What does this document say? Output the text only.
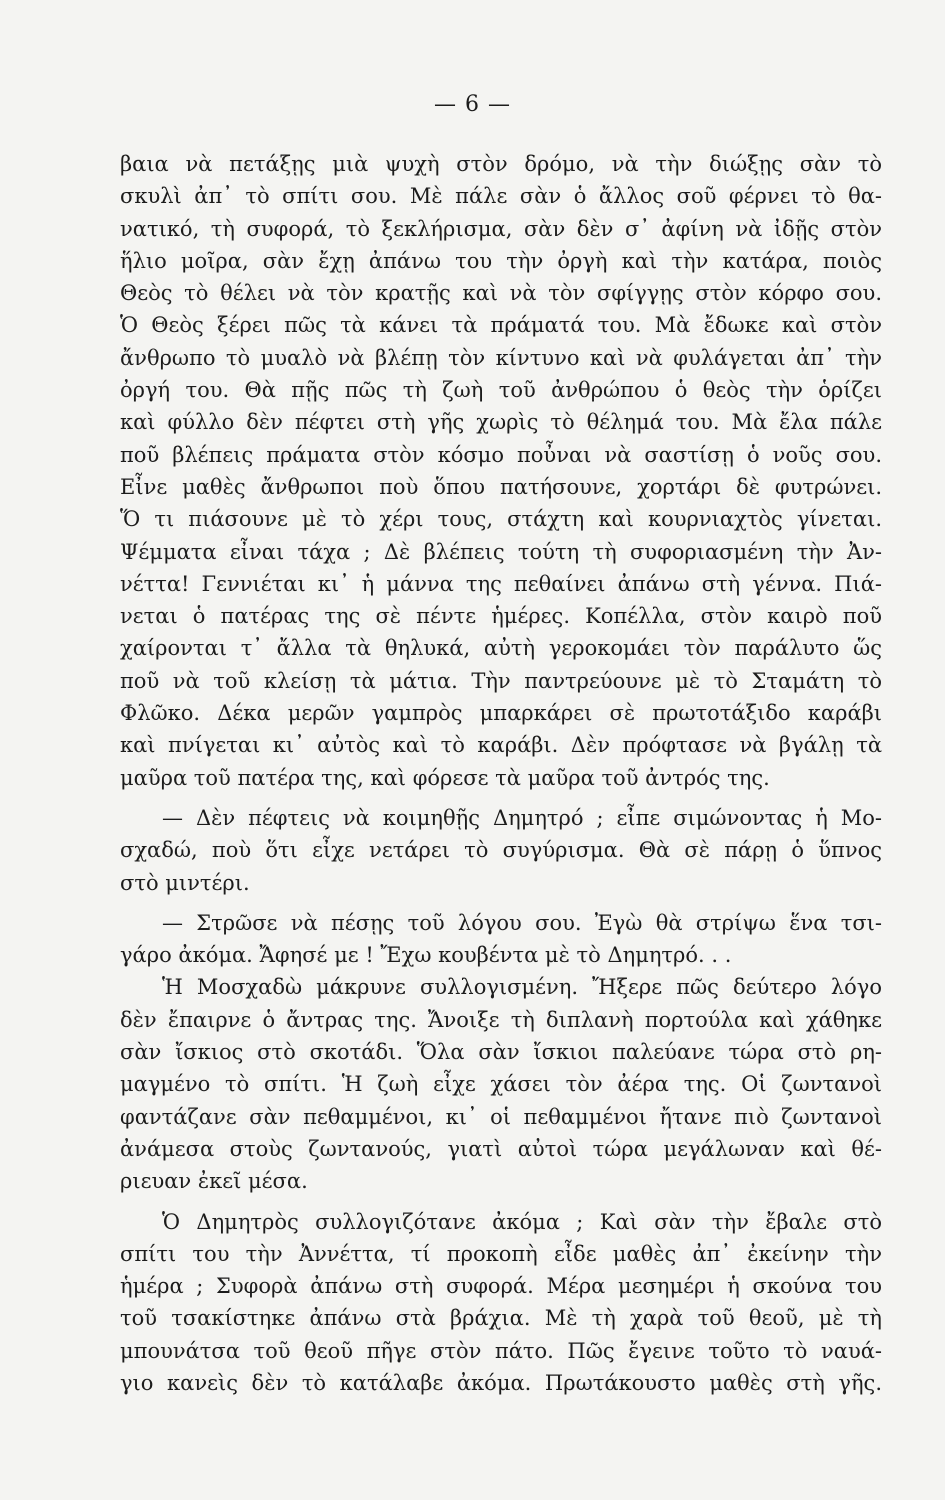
— 6 —
βαια νὰ πετάξῃς μιὰ ψυχὴ στὸν δρόμο, νὰ τὴν διώξῃς σὰν τὸ
σκυλὶ ἀπ᾽ τὸ σπίτι σου. Μὲ πάλε σὰν ὁ ἄλλος σοῦ φέρνει τὸ θα-
νατικό, τὴ συφορά, τὸ ξεκλήρισμα, σὰν δὲν σ᾽ ἀφίνη νὰ ἰδῇς στὸν
ἥλιο μοῖρα, σὰν ἔχῃ ἀπάνω του τὴν ὀργὴ καὶ τὴν κατάρα, ποιὸς
Θεὸς τὸ θέλει νὰ τὸν κρατῇς καὶ νὰ τὸν σφίγγῃς στὸν κόρφο σου.
Ὁ Θεὸς ξέρει πῶς τὰ κάνει τὰ πράματά του. Μὰ ἔδωκε καὶ στὸν
ἄνθρωπο τὸ μυαλὸ νὰ βλέπῃ τὸν κίντυνο καὶ νὰ φυλάγεται ἀπ᾽ τὴν
ὀργή του. Θὰ πῇς πῶς τὴ ζωὴ τοῦ ἀνθρώπου ὁ θεὸς τὴν ὁρίζει
καὶ φύλλο δὲν πέφτει στὴ γῆς χωρὶς τὸ θέλημά του. Μὰ ἔλα πάλε
ποῦ βλέπεις πράματα στὸν κόσμο ποὖναι νὰ σαστίσῃ ὁ νοῦς σου.
Εἶνε μαθὲς ἄνθρωποι ποὺ ὅπου πατήσουνε, χορτάρι δὲ φυτρώνει.
Ὅ τι πιάσουνε μὲ τὸ χέρι τους, στάχτη καὶ κουρνιαχτὸς γίνεται.
Ψέμματα εἶναι τάχα ; Δὲ βλέπεις τούτη τὴ συφοριασμένη τὴν Ἀν-
νέττα! Γεννιέται κι᾽ ἡ μάννα της πεθαίνει ἀπάνω στὴ γέννα. Πιά-
νεται ὁ πατέρας της σὲ πέντε ἡμέρες. Κοπέλλα, στὸν καιρὸ ποῦ
χαίρονται τ᾽ ἄλλα τὰ θηλυκά, αὐτὴ γεροκομάει τὸν παράλυτο ὥς
ποῦ νὰ τοῦ κλείσῃ τὰ μάτια. Τὴν παντρεύουνε μὲ τὸ Σταμάτη τὸ
Φλῶκο. Δέκα μερῶν γαμπρὸς μπαρκάρει σὲ πρωτοτάξιδο καράβι
καὶ πνίγεται κι᾽ αὐτὸς καὶ τὸ καράβι. Δὲν πρόφτασε νὰ βγάλῃ τὰ
μαῦρα τοῦ πατέρα της, καὶ φόρεσε τὰ μαῦρα τοῦ ἀντρός της.
— Δὲν πέφτεις νὰ κοιμηθῇς Δημητρό ; εἶπε σιμώνοντας ἡ Μο-
σχαδώ, ποὺ ὅτι εἶχε νετάρει τὸ συγύρισμα. Θὰ σὲ πάρῃ ὁ ὕπνος
στὸ μιντέρι.
— Στρῶσε νὰ πέσῃς τοῦ λόγου σου. Ἐγὼ θὰ στρίψω ἕνα τσι-
γάρο ἀκόμα. Ἄφησέ με ! Ἔχω κουβέντα μὲ τὸ Δημητρό. . .
Ἡ Μοσχαδὼ μάκρυνε συλλογισμένη. Ἤξερε πῶς δεύτερο λόγο
δὲν ἔπαιρνε ὁ ἄντρας της. Ἄνοιξε τὴ διπλανὴ πορτούλα καὶ χάθηκε
σὰν ἴσκιος στὸ σκοτάδι. Ὅλα σὰν ἴσκιοι παλεύανε τώρα στὸ ρη-
μαγμένο τὸ σπίτι. Ἡ ζωὴ εἶχε χάσει τὸν ἀέρα της. Οἱ ζωντανοὶ
φαντάζανε σὰν πεθαμμένοι, κι᾽ οἱ πεθαμμένοι ἤτανε πιὸ ζωντανοὶ
ἀνάμεσα στοὺς ζωντανούς, γιατὶ αὐτοὶ τώρα μεγάλωναν καὶ θέ-
ριευαν ἐκεῖ μέσα.
Ὁ Δημητρὸς συλλογιζότανε ἀκόμα ; Καὶ σὰν τὴν ἔβαλε στὸ
σπίτι του τὴν Ἀννέττα, τί προκοπὴ εἶδε μαθὲς ἀπ᾽ ἐκείνην τὴν
ἡμέρα ; Συφορὰ ἀπάνω στὴ συφορά. Μέρα μεσημέρι ἡ σκούνα του
τοῦ τσακίστηκε ἀπάνω στὰ βράχια. Μὲ τὴ χαρὰ τοῦ θεοῦ, μὲ τὴ
μπουνάτσα τοῦ θεοῦ πῆγε στὸν πάτο. Πῶς ἔγεινε τοῦτο τὸ ναυά-
γιο κανεὶς δὲν τὸ κατάλαβε ἀκόμα. Πρωτάκουστο μαθὲς στὴ γῆς.
